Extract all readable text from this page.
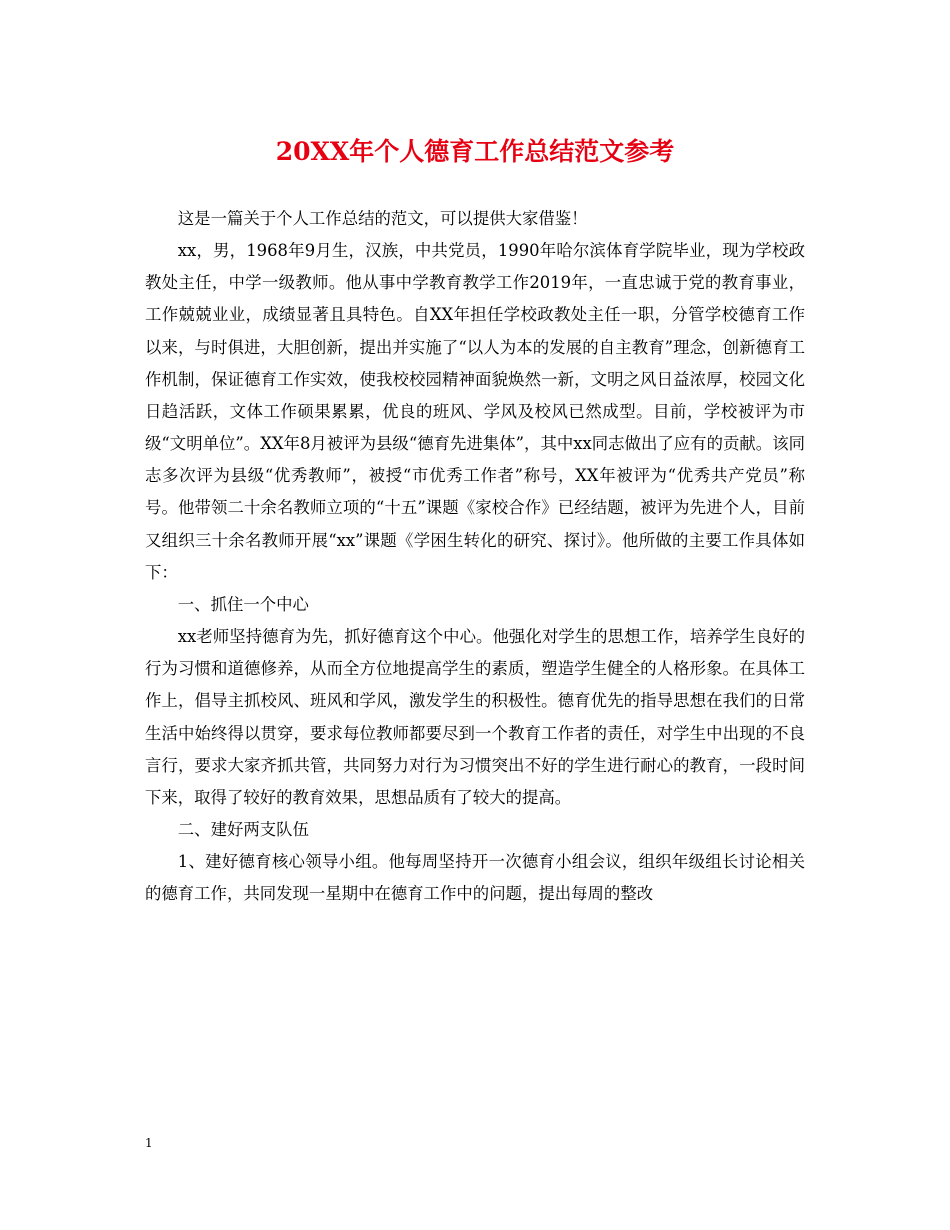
20XX年个人德育工作总结范文参考

这是一篇关于个人工作总结的范文，可以提供大家借鉴！

xx，男，1968年9月生，汉族，中共党员，1990年哈尔滨体育学院毕业，现为学校政教处主任，中学一级教师。他从事中学教育教学工作2019年，一直忠诚于党的教育事业，工作兢兢业业，成绩显著且具特色。自XX年担任学校政教处主任一职，分管学校德育工作以来，与时俱进，大胆创新，提出并实施了“以人为本的发展的自主教育”理念，创新德育工作机制，保证德育工作实效，使我校校园精神面貌焕然一新，文明之风日益浓厚，校园文化日趋活跃，文体工作硕果累累，优良的班风、学风及校风已然成型。目前，学校被评为市级“文明单位”。XX年8月被评为县级“德育先进集体”，其中xx同志做出了应有的贡献。该同志多次评为县级“优秀教师”，被授“市优秀工作者”称号，XX年被评为“优秀共产党员”称号。他带领二十余名教师立项的“十五”课题《家校合作》已经结题，被评为先进个人，目前又组织三十余名教师开展“xx”课题《学困生转化的研究、探讨》。他所做的主要工作具体如下：

一、抓住一个中心

xx老师坚持德育为先，抓好德育这个中心。他强化对学生的思想工作，培养学生良好的行为习惯和道德修养，从而全方位地提高学生的素质，塑造学生健全的人格形象。在具体工作上，倡导主抓校风、班风和学风，激发学生的积极性。德育优先的指导思想在我们的日常生活中始终得以贯穿，要求每位教师都要尽到一个教育工作者的责任，对学生中出现的不良言行，要求大家齐抓共管，共同努力对行为习惯突出不好的学生进行耐心的教育，一段时间下来，取得了较好的教育效果，思想品质有了较大的提高。

二、建好两支队伍

1、建好德育核心领导小组。他每周坚持开一次德育小组会议，组织年级组长讨论相关的德育工作，共同发现一星期中在德育工作中的问题，提出每周的整改

1
